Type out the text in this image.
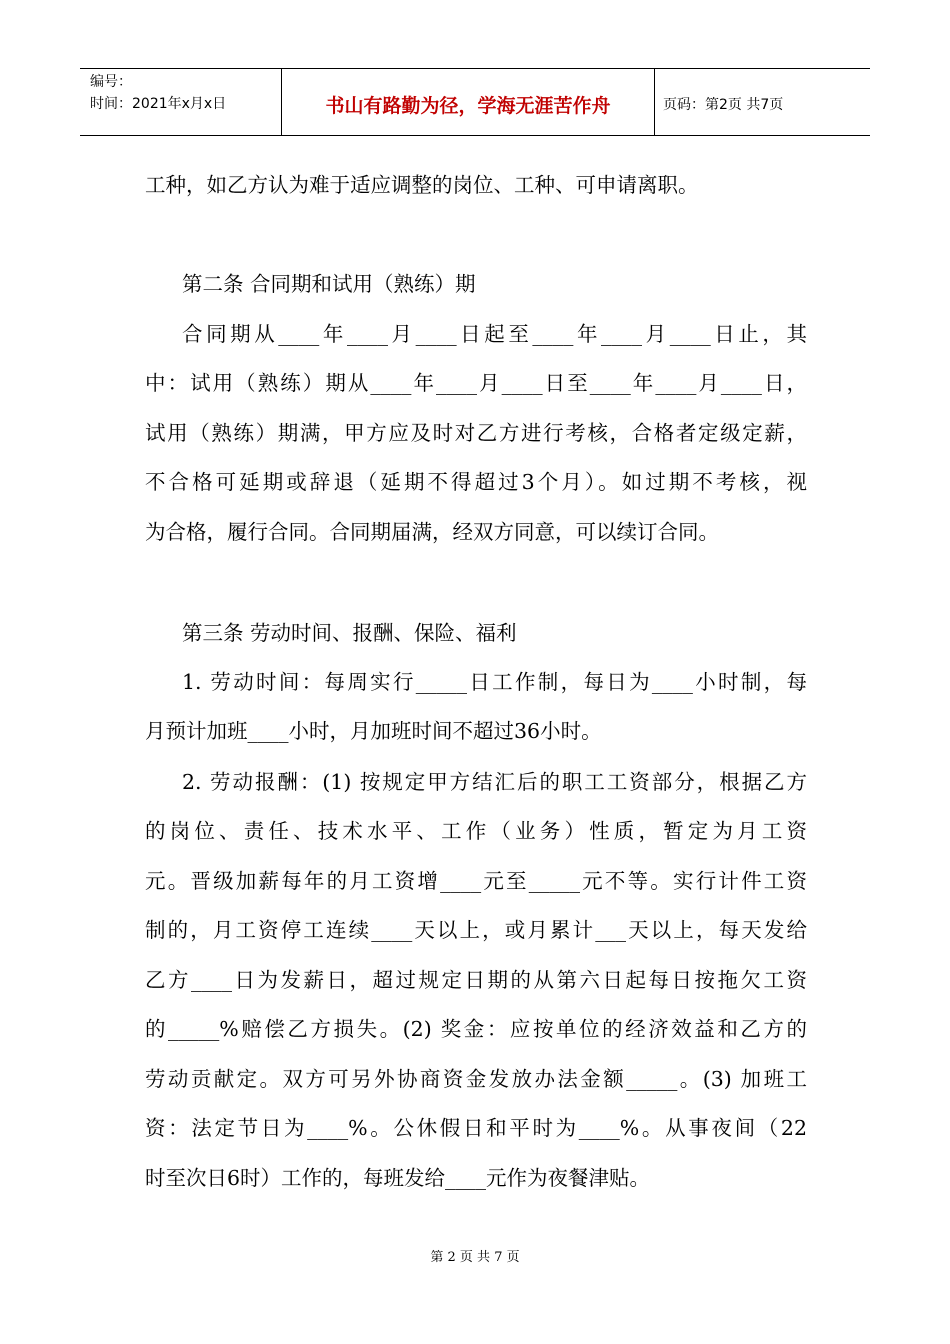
编号：
时间：2021年x月x日	书山有路勤为径，学海无涯苦作舟	页码：第2页 共7页
工种，如乙方认为难于适应调整的岗位、工种、可申请离职。
第二条 合同期和试用（熟练）期
合同期从____年____月____日起至____年____月____日止，其
中：试用（熟练）期从____年____月____日至____年____月____日，
试用（熟练）期满，甲方应及时对乙方进行考核，合格者定级定薪，
不合格可延期或辞退（延期不得超过3个月）。如过期不考核，视
为合格，履行合同。合同期届满，经双方同意，可以续订合同。
第三条 劳动时间、报酬、保险、福利
1. 劳动时间：每周实行_____日工作制，每日为____小时制，每
月预计加班____小时，月加班时间不超过36小时。
2. 劳动报酬：(1) 按规定甲方结汇后的职工工资部分，根据乙方
的岗位、责任、技术水平、工作（业务）性质，暂定为月工资
元。晋级加薪每年的月工资增____元至_____元不等。实行计件工资
制的，月工资停工连续____天以上，或月累计___天以上，每天发给
乙方____日为发薪日，超过规定日期的从第六日起每日按拖欠工资
的_____%赔偿乙方损失。(2) 奖金：应按单位的经济效益和乙方的
劳动贡献定。双方可另外协商资金发放办法金额_____。(3) 加班工
资：法定节日为____%。公休假日和平时为____%。从事夜间（22
时至次日6时）工作的，每班发给____元作为夜餐津贴。
第 2 页 共 7 页
